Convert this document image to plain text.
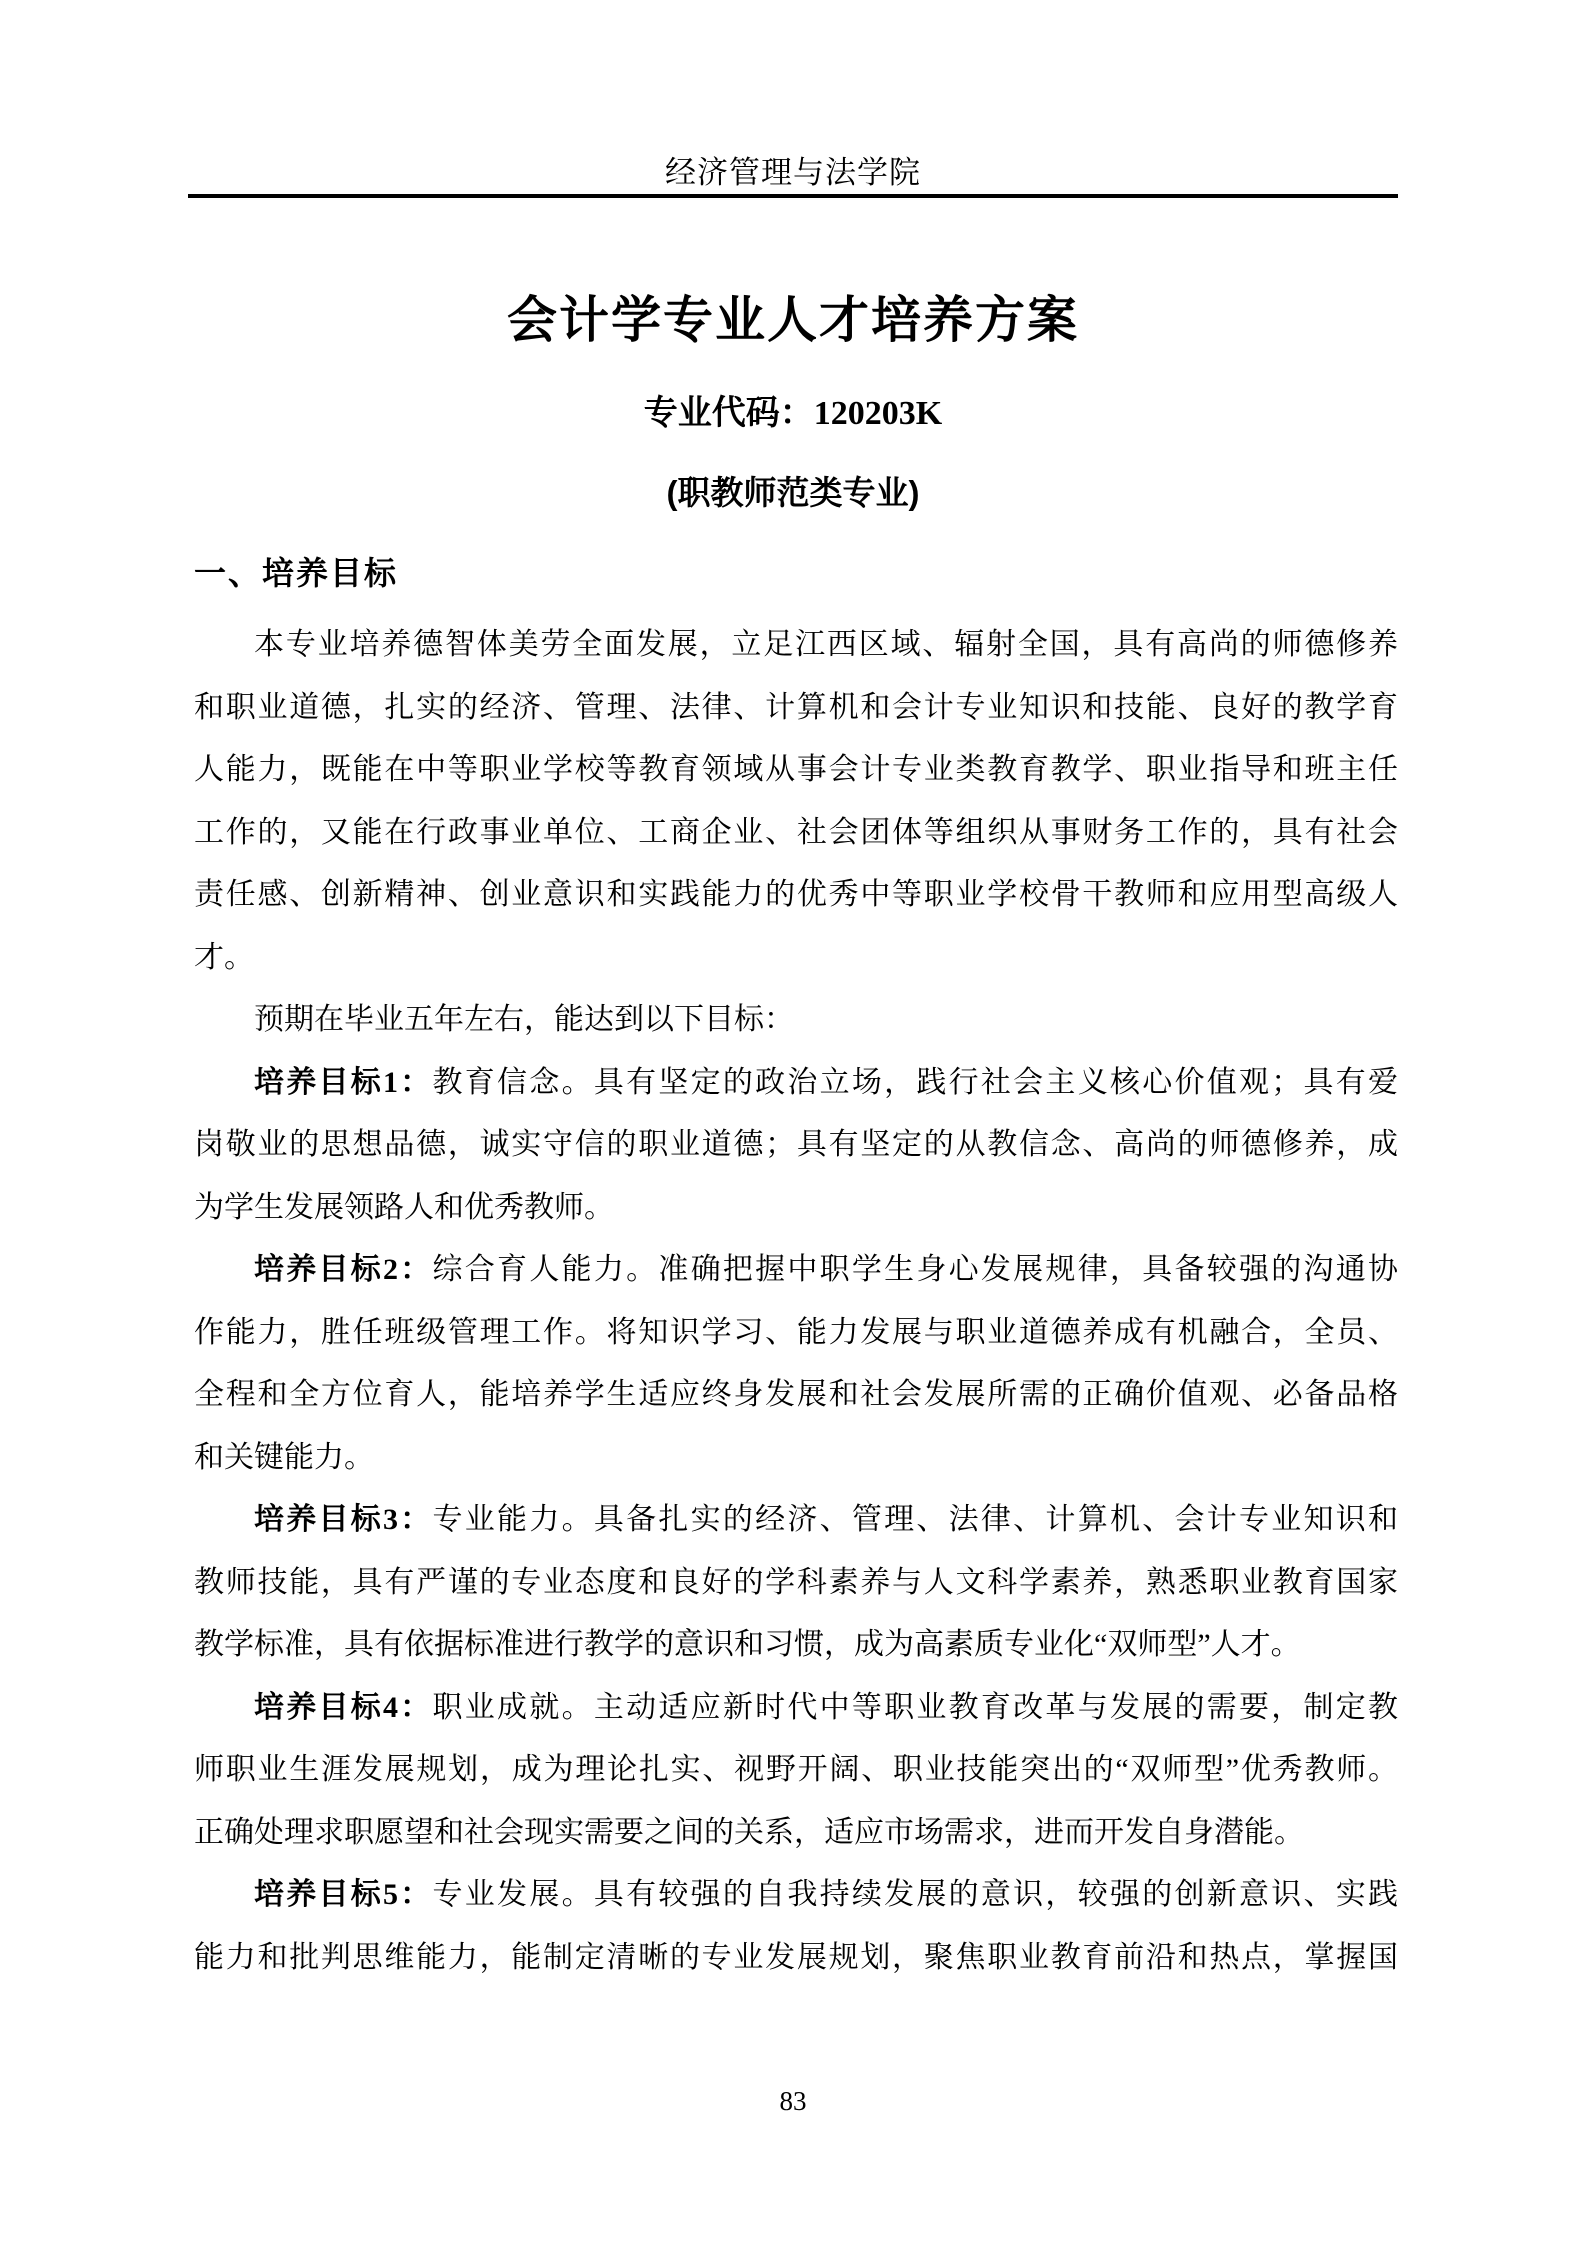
经济管理与法学院
会计学专业人才培养方案
专业代码：120203K
(职教师范类专业)
一、培养目标
本专业培养德智体美劳全面发展，立足江西区域、辐射全国，具有高尚的师德修养
和职业道德，扎实的经济、管理、法律、计算机和会计专业知识和技能、良好的教学育
人能力，既能在中等职业学校等教育领域从事会计专业类教育教学、职业指导和班主任
工作的，又能在行政事业单位、工商企业、社会团体等组织从事财务工作的，具有社会
责任感、创新精神、创业意识和实践能力的优秀中等职业学校骨干教师和应用型高级人
才。
预期在毕业五年左右，能达到以下目标：
培养目标1：教育信念。具有坚定的政治立场，践行社会主义核心价值观；具有爱
岗敬业的思想品德，诚实守信的职业道德；具有坚定的从教信念、高尚的师德修养，成
为学生发展领路人和优秀教师。
培养目标2：综合育人能力。准确把握中职学生身心发展规律，具备较强的沟通协
作能力，胜任班级管理工作。将知识学习、能力发展与职业道德养成有机融合，全员、
全程和全方位育人，能培养学生适应终身发展和社会发展所需的正确价值观、必备品格
和关键能力。
培养目标3：专业能力。具备扎实的经济、管理、法律、计算机、会计专业知识和
教师技能，具有严谨的专业态度和良好的学科素养与人文科学素养，熟悉职业教育国家
教学标准，具有依据标准进行教学的意识和习惯，成为高素质专业化“双师型”人才。
培养目标4：职业成就。主动适应新时代中等职业教育改革与发展的需要，制定教
师职业生涯发展规划，成为理论扎实、视野开阔、职业技能突出的“双师型”优秀教师。
正确处理求职愿望和社会现实需要之间的关系，适应市场需求，进而开发自身潜能。
培养目标5：专业发展。具有较强的自我持续发展的意识，较强的创新意识、实践
能力和批判思维能力，能制定清晰的专业发展规划，聚焦职业教育前沿和热点，掌握国
83
